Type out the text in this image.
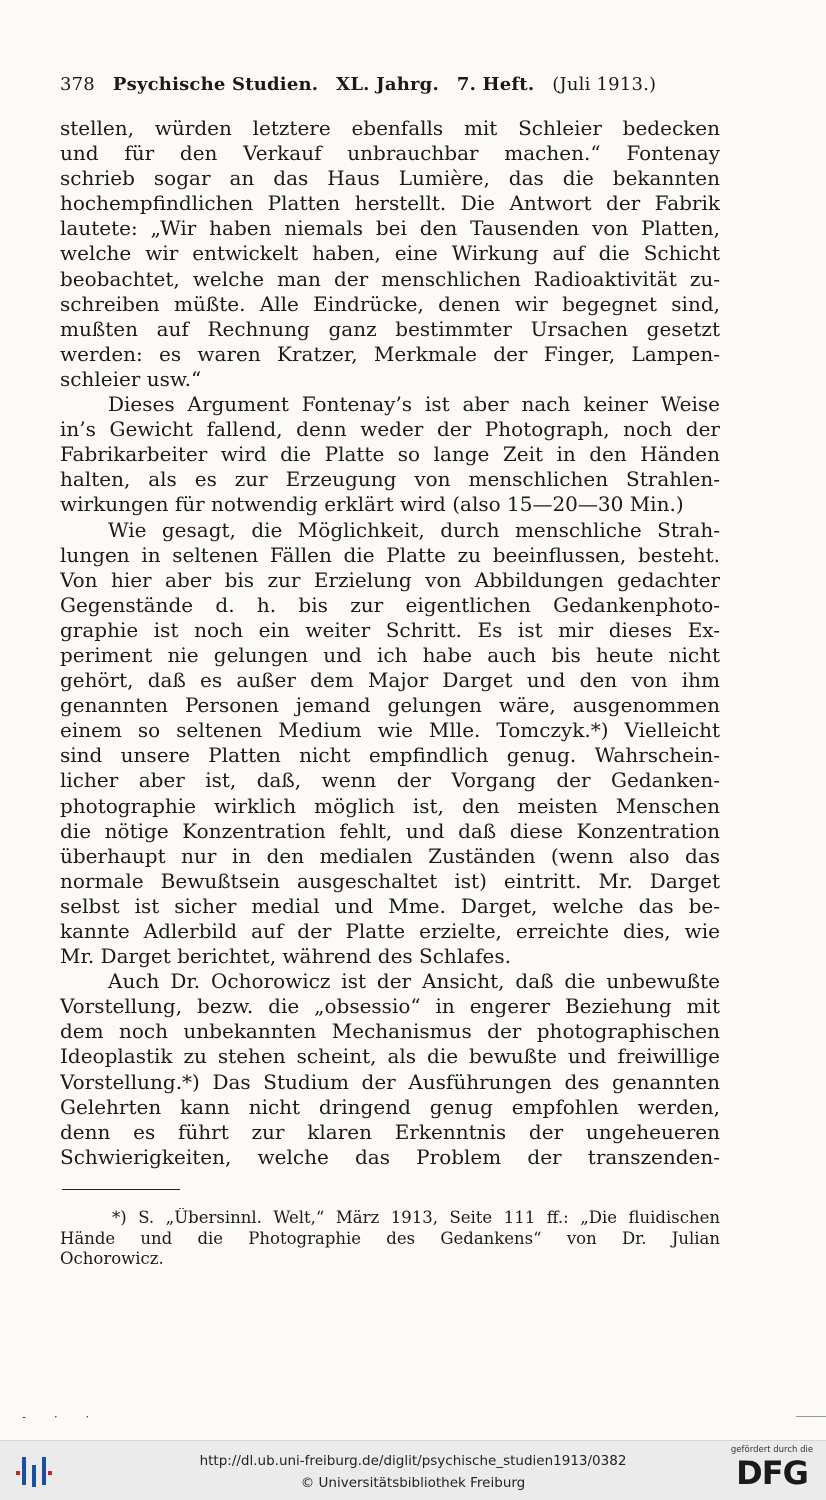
378 Psychische Studien. XL. Jahrg. 7. Heft. (Juli 1913.)
stellen, würden letztere ebenfalls mit Schleier bedecken
und für den Verkauf unbrauchbar machen.“ Fontenay
schrieb sogar an das Haus Lumière, das die bekannten
hochempfindlichen Platten herstellt. Die Antwort der Fabrik
lautete: „Wir haben niemals bei den Tausenden von Platten,
welche wir entwickelt haben, eine Wirkung auf die Schicht
beobachtet, welche man der menschlichen Radioaktivität zu-
schreiben müßte. Alle Eindrücke, denen wir begegnet sind,
mußten auf Rechnung ganz bestimmter Ursachen gesetzt
werden: es waren Kratzer, Merkmale der Finger, Lampen-
schleier usw.“
Dieses Argument Fontenay’s ist aber nach keiner Weise
in’s Gewicht fallend, denn weder der Photograph, noch der
Fabrikarbeiter wird die Platte so lange Zeit in den Händen
halten, als es zur Erzeugung von menschlichen Strahlen-
wirkungen für notwendig erklärt wird (also 15—20—30 Min.)
Wie gesagt, die Möglichkeit, durch menschliche Strah-
lungen in seltenen Fällen die Platte zu beeinflussen, besteht.
Von hier aber bis zur Erzielung von Abbildungen gedachter
Gegenstände d. h. bis zur eigentlichen Gedankenphoto-
graphie ist noch ein weiter Schritt. Es ist mir dieses Ex-
periment nie gelungen und ich habe auch bis heute nicht
gehört, daß es außer dem Major Darget und den von ihm
genannten Personen jemand gelungen wäre, ausgenommen
einem so seltenen Medium wie Mlle. Tomczyk.*) Vielleicht
sind unsere Platten nicht empfindlich genug. Wahrschein-
licher aber ist, daß, wenn der Vorgang der Gedanken-
photographie wirklich möglich ist, den meisten Menschen
die nötige Konzentration fehlt, und daß diese Konzentration
überhaupt nur in den medialen Zuständen (wenn also das
normale Bewußtsein ausgeschaltet ist) eintritt. Mr. Darget
selbst ist sicher medial und Mme. Darget, welche das be-
kannte Adlerbild auf der Platte erzielte, erreichte dies, wie
Mr. Darget berichtet, während des Schlafes.
Auch Dr. Ochorowicz ist der Ansicht, daß die unbewußte
Vorstellung, bezw. die „obsessio“ in engerer Beziehung mit
dem noch unbekannten Mechanismus der photographischen
Ideoplastik zu stehen scheint, als die bewußte und freiwillige
Vorstellung.*) Das Studium der Ausführungen des genannten
Gelehrten kann nicht dringend genug empfohlen werden,
denn es führt zur klaren Erkenntnis der ungeheueren
Schwierigkeiten, welche das Problem der transzenden-
*) S. „Übersinnl. Welt,“ März 1913, Seite 111 ff.: „Die fluidischen
Hände und die Photographie des Gedankens“ von Dr. Julian
Ochorowicz.
- · ·
http://dl.ub.uni-freiburg.de/diglit/psychische_studien1913/0382
© Universitätsbibliothek Freiburg
gefördert durch die
DFG
